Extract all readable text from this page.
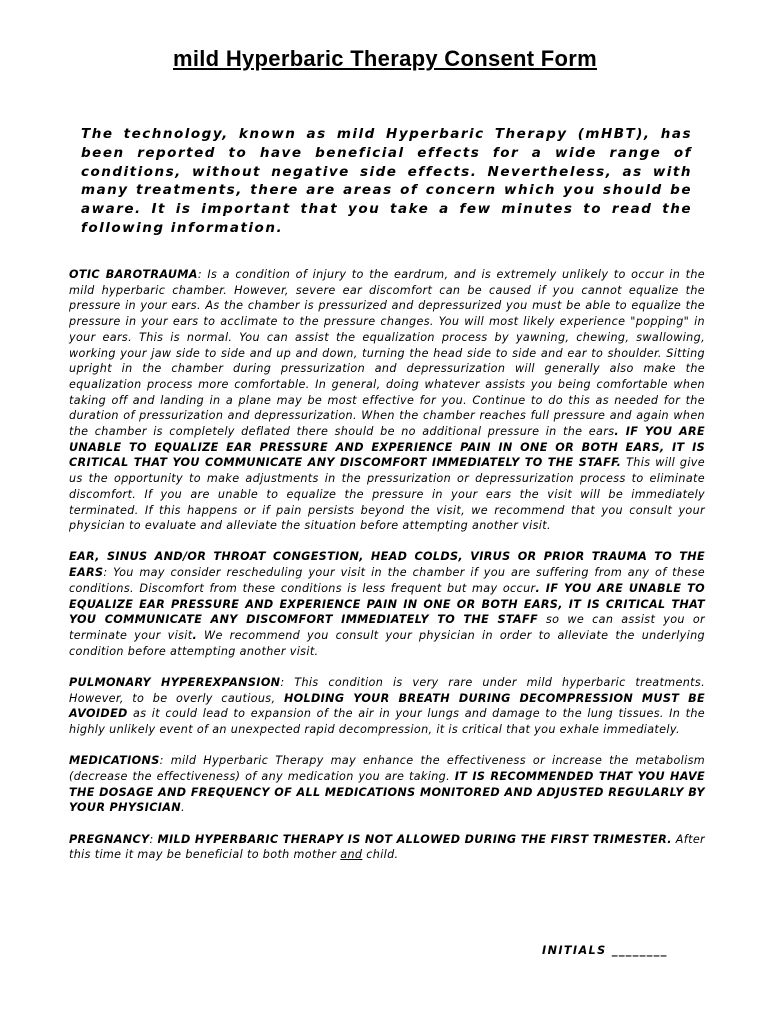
mild Hyperbaric Therapy Consent Form
The technology, known as mild Hyperbaric Therapy (mHBT), has been reported to have beneficial effects for a wide range of conditions, without negative side effects. Nevertheless, as with many treatments, there are areas of concern which you should be aware. It is important that you take a few minutes to read the following information.

OTIC BAROTRAUMA: Is a condition of injury to the eardrum, and is extremely unlikely to occur in the mild hyperbaric chamber. However, severe ear discomfort can be caused if you cannot equalize the pressure in your ears. As the chamber is pressurized and depressurized you must be able to equalize the pressure in your ears to acclimate to the pressure changes. You will most likely experience "popping" in your ears. This is normal. You can assist the equalization process by yawning, chewing, swallowing, working your jaw side to side and up and down, turning the head side to side and ear to shoulder. Sitting upright in the chamber during pressurization and depressurization will generally also make the equalization process more comfortable. In general, doing whatever assists you being comfortable when taking off and landing in a plane may be most effective for you. Continue to do this as needed for the duration of pressurization and depressurization. When the chamber reaches full pressure and again when the chamber is completely deflated there should be no additional pressure in the ears. IF YOU ARE UNABLE TO EQUALIZE EAR PRESSURE AND EXPERIENCE PAIN IN ONE OR BOTH EARS, IT IS CRITICAL THAT YOU COMMUNICATE ANY DISCOMFORT IMMEDIATELY TO THE STAFF. This will give us the opportunity to make adjustments in the pressurization or depressurization process to eliminate discomfort. If you are unable to equalize the pressure in your ears the visit will be immediately terminated. If this happens or if pain persists beyond the visit, we recommend that you consult your physician to evaluate and alleviate the situation before attempting another visit.

EAR, SINUS AND/OR THROAT CONGESTION, HEAD COLDS, VIRUS OR PRIOR TRAUMA TO THE EARS: You may consider rescheduling your visit in the chamber if you are suffering from any of these conditions. Discomfort from these conditions is less frequent but may occur. IF YOU ARE UNABLE TO EQUALIZE EAR PRESSURE AND EXPERIENCE PAIN IN ONE OR BOTH EARS, IT IS CRITICAL THAT YOU COMMUNICATE ANY DISCOMFORT IMMEDIATELY TO THE STAFF so we can assist you or terminate your visit. We recommend you consult your physician in order to alleviate the underlying condition before attempting another visit.

PULMONARY HYPEREXPANSION: This condition is very rare under mild hyperbaric treatments. However, to be overly cautious, HOLDING YOUR BREATH DURING DECOMPRESSION MUST BE AVOIDED as it could lead to expansion of the air in your lungs and damage to the lung tissues. In the highly unlikely event of an unexpected rapid decompression, it is critical that you exhale immediately.

MEDICATIONS: mild Hyperbaric Therapy may enhance the effectiveness or increase the metabolism (decrease the effectiveness) of any medication you are taking. IT IS RECOMMENDED THAT YOU HAVE THE DOSAGE AND FREQUENCY OF ALL MEDICATIONS MONITORED AND ADJUSTED REGULARLY BY YOUR PHYSICIAN.

PREGNANCY: MILD HYPERBARIC THERAPY IS NOT ALLOWED DURING THE FIRST TRIMESTER. After this time it may be beneficial to both mother and child.

INITIALS ________
